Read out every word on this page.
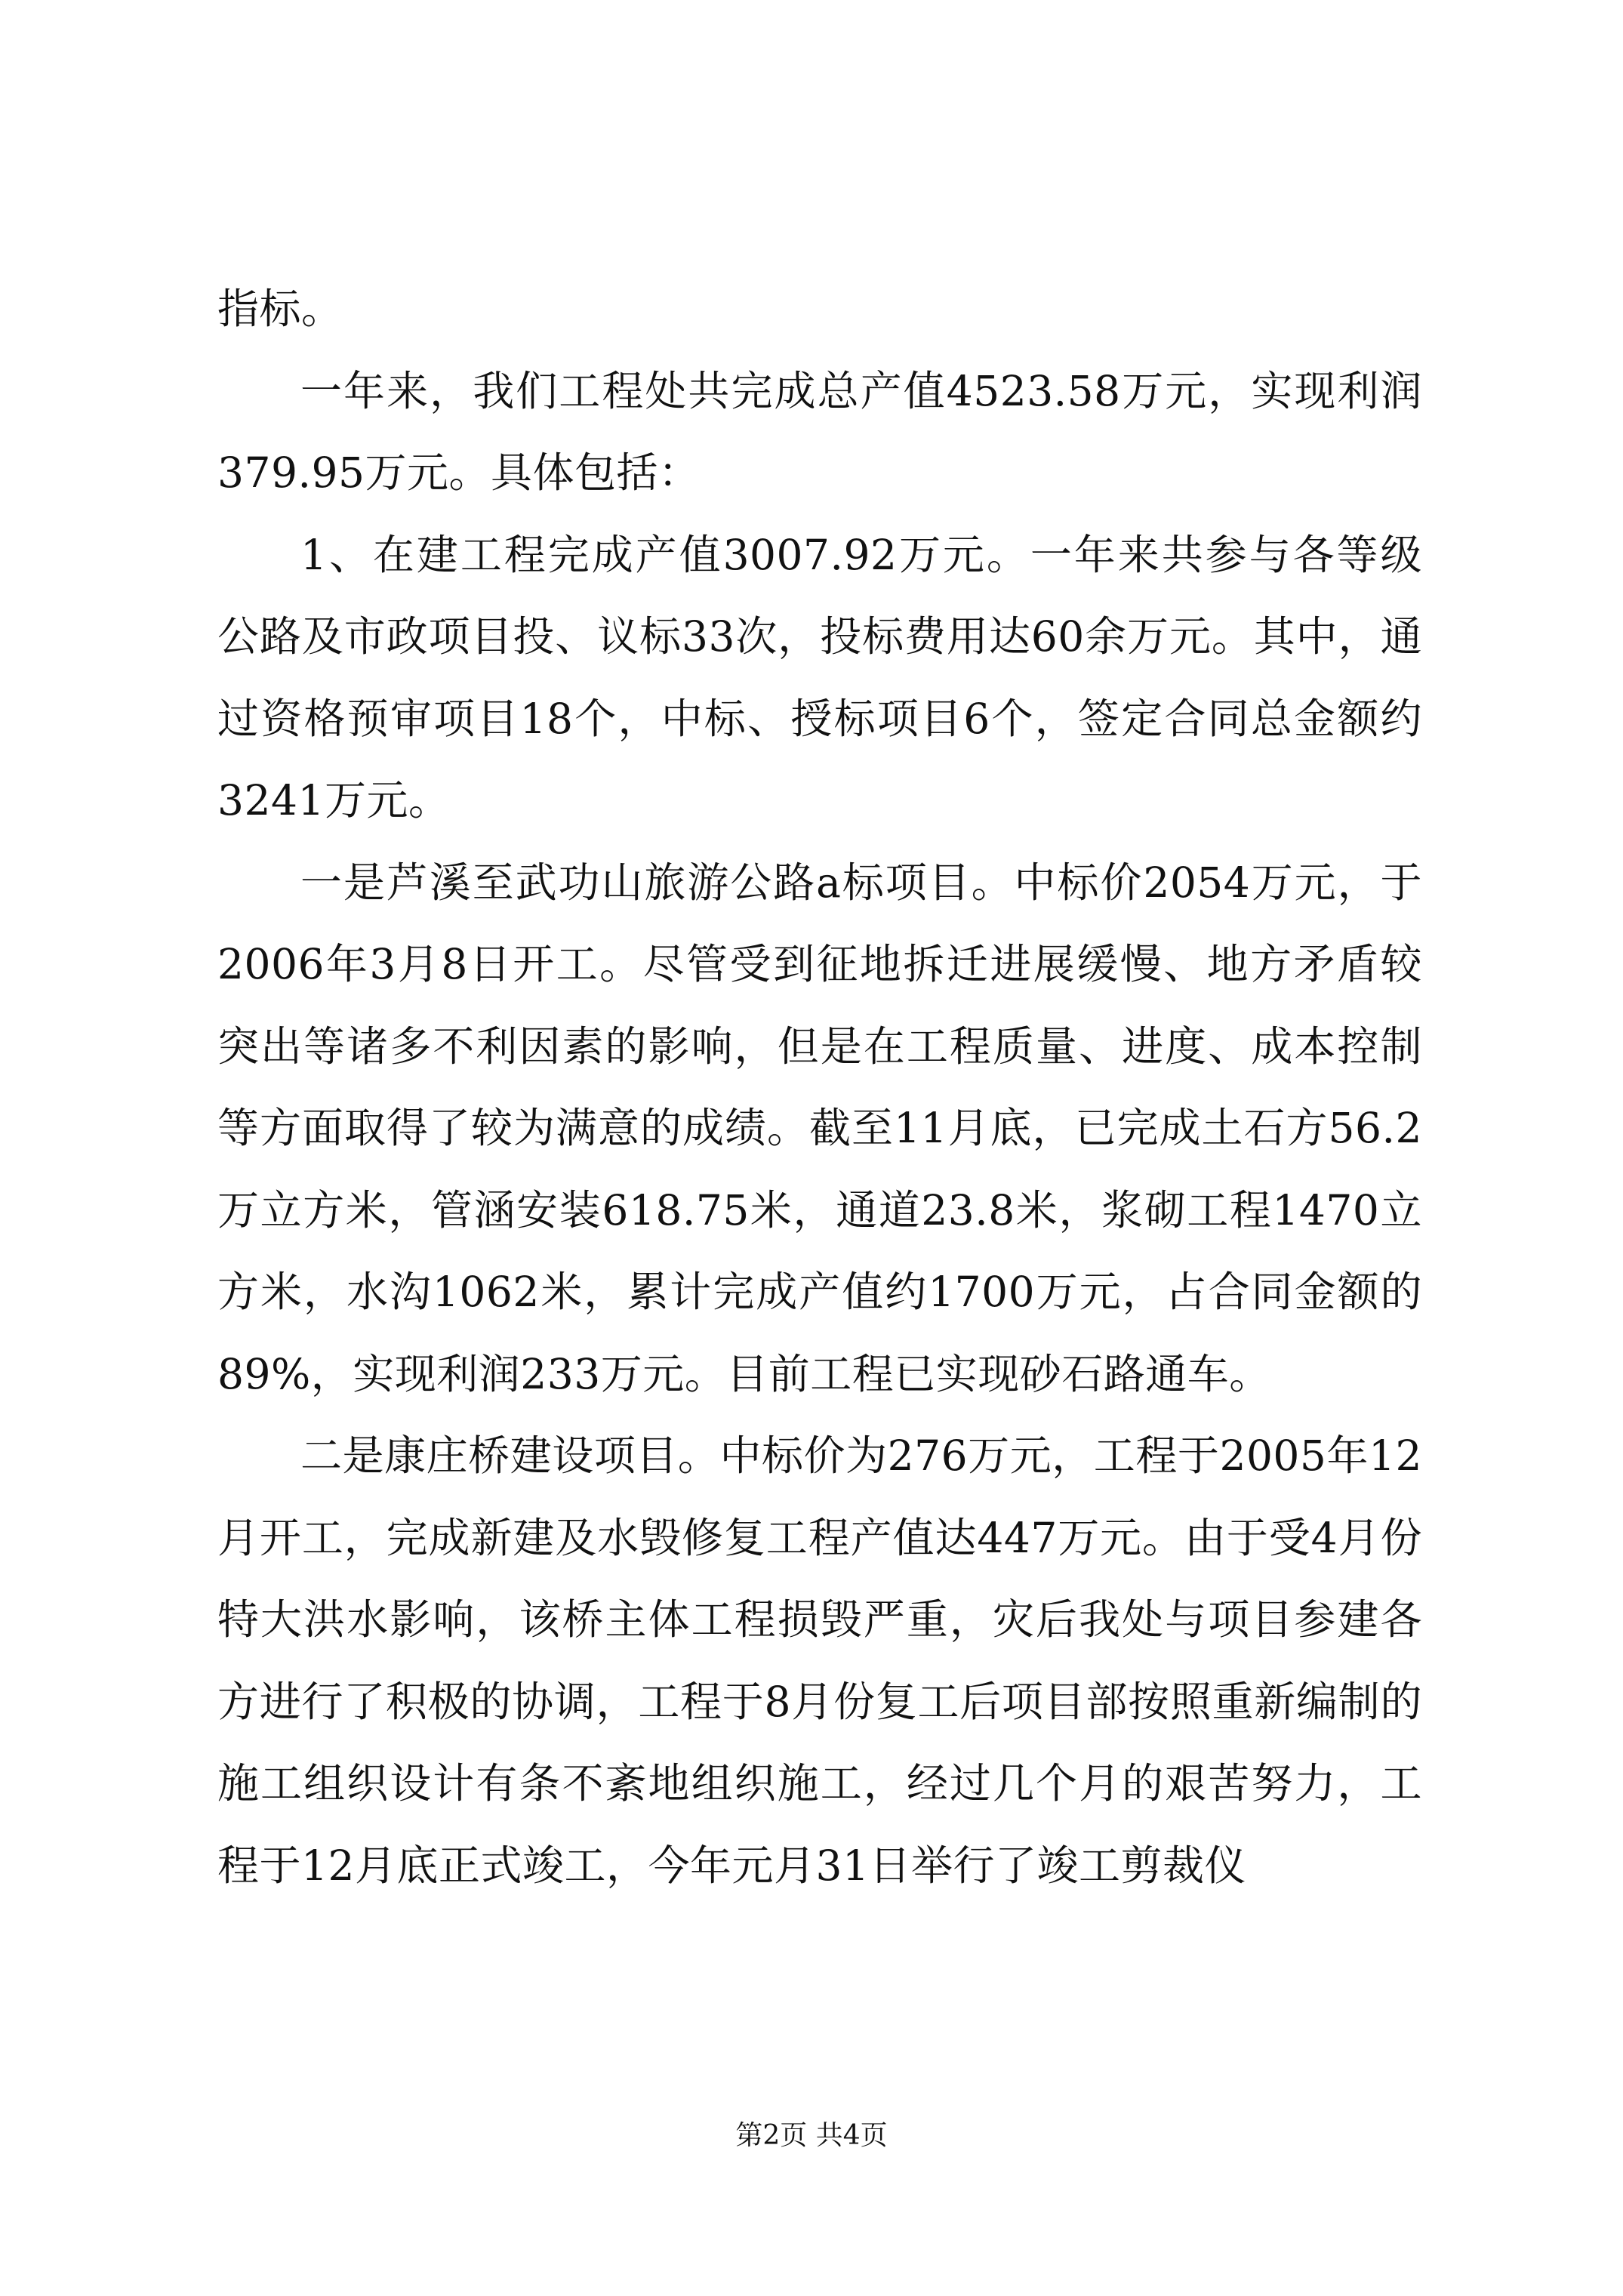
指标。

一年来，我们工程处共完成总产值4523.58万元，实现利润379.95万元。具体包括：

1、在建工程完成产值3007.92万元。一年来共参与各等级公路及市政项目投、议标33次，投标费用达60余万元。其中，通过资格预审项目18个，中标、授标项目6个，签定合同总金额约3241万元。

一是芦溪至武功山旅游公路a标项目。中标价2054万元，于2006年3月8日开工。尽管受到征地拆迁进展缓慢、地方矛盾较突出等诸多不利因素的影响，但是在工程质量、进度、成本控制等方面取得了较为满意的成绩。截至11月底，已完成土石方56.2万立方米，管涵安装618.75米，通道23.8米，浆砌工程1470立方米，水沟1062米，累计完成产值约1700万元，占合同金额的89%，实现利润233万元。目前工程已实现砂石路通车。

二是康庄桥建设项目。中标价为276万元，工程于2005年12月开工，完成新建及水毁修复工程产值达447万元。由于受4月份特大洪水影响，该桥主体工程损毁严重，灾后我处与项目参建各方进行了积极的协调，工程于8月份复工后项目部按照重新编制的施工组织设计有条不紊地组织施工，经过几个月的艰苦努力，工程于12月底正式竣工，今年元月31日举行了竣工剪裁仪

第2页 共4页
